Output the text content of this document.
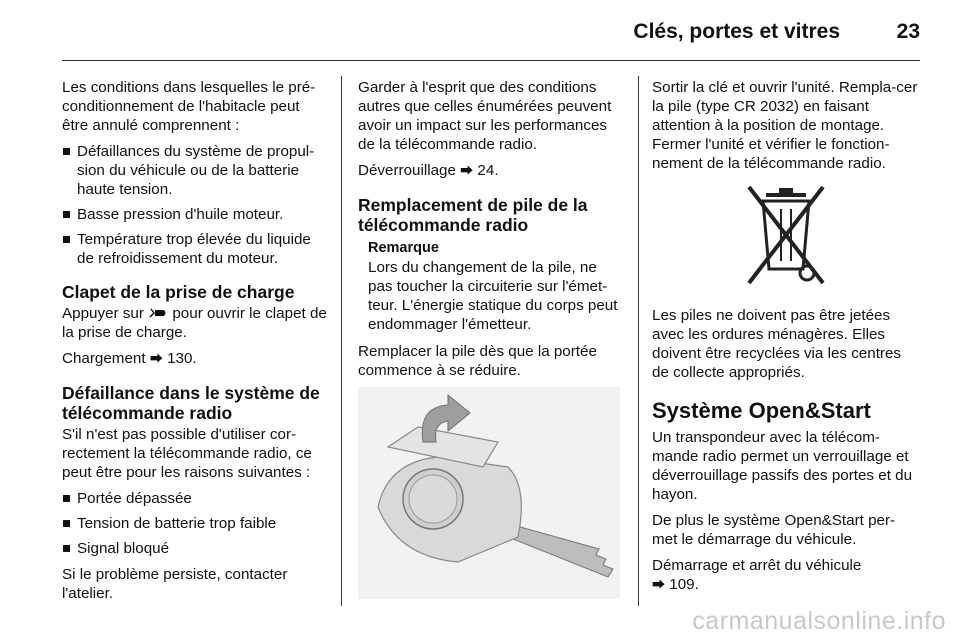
Clés, portes et vitres	23

Les conditions dans lesquelles le pré-conditionnement de l'habitacle peut être annulé comprennent :

Défaillances du système de propul-sion du véhicule ou de la batterie haute tension.
Basse pression d'huile moteur.
Température trop élevée du liquide de refroidissement du moteur.
Clapet de la prise de charge

Appuyer sur pour ouvrir le clapet de la prise de charge.

Chargement ⮕ 130.

Défaillance dans le système de télécommande radio

S'il n'est pas possible d'utiliser cor-rectement la télécommande radio, ce peut être pour les raisons suivantes :

Portée dépassée
Tension de batterie trop faible
Signal bloqué

Si le problème persiste, contacter l'atelier.

Garder à l'esprit que des conditions autres que celles énumérées peuvent avoir un impact sur les performances de la télécommande radio.

Déverrouillage ⮕ 24.

Remplacement de pile de la télécommande radio
Remarque
Lors du changement de la pile, ne pas toucher la circuiterie sur l'émet-teur. L'énergie statique du corps peut endommager l'émetteur.

Remplacer la pile dès que la portée commence à se réduire.

Sortir la clé et ouvrir l'unité. Rempla-cer la pile (type CR 2032) en faisant attention à la position de montage. Fermer l'unité et vérifier le fonction-nement de la télécommande radio.

Les piles ne doivent pas être jetées avec les ordures ménagères. Elles doivent être recyclées via les centres de collecte appropriés.

Système Open&Start

Un transpondeur avec la télécom-mande radio permet un verrouillage et déverrouillage passifs des portes et du hayon.

De plus le système Open&Start per-met le démarrage du véhicule.

Démarrage et arrêt du véhicule
⮕ 109.

carmanualsonline.info
